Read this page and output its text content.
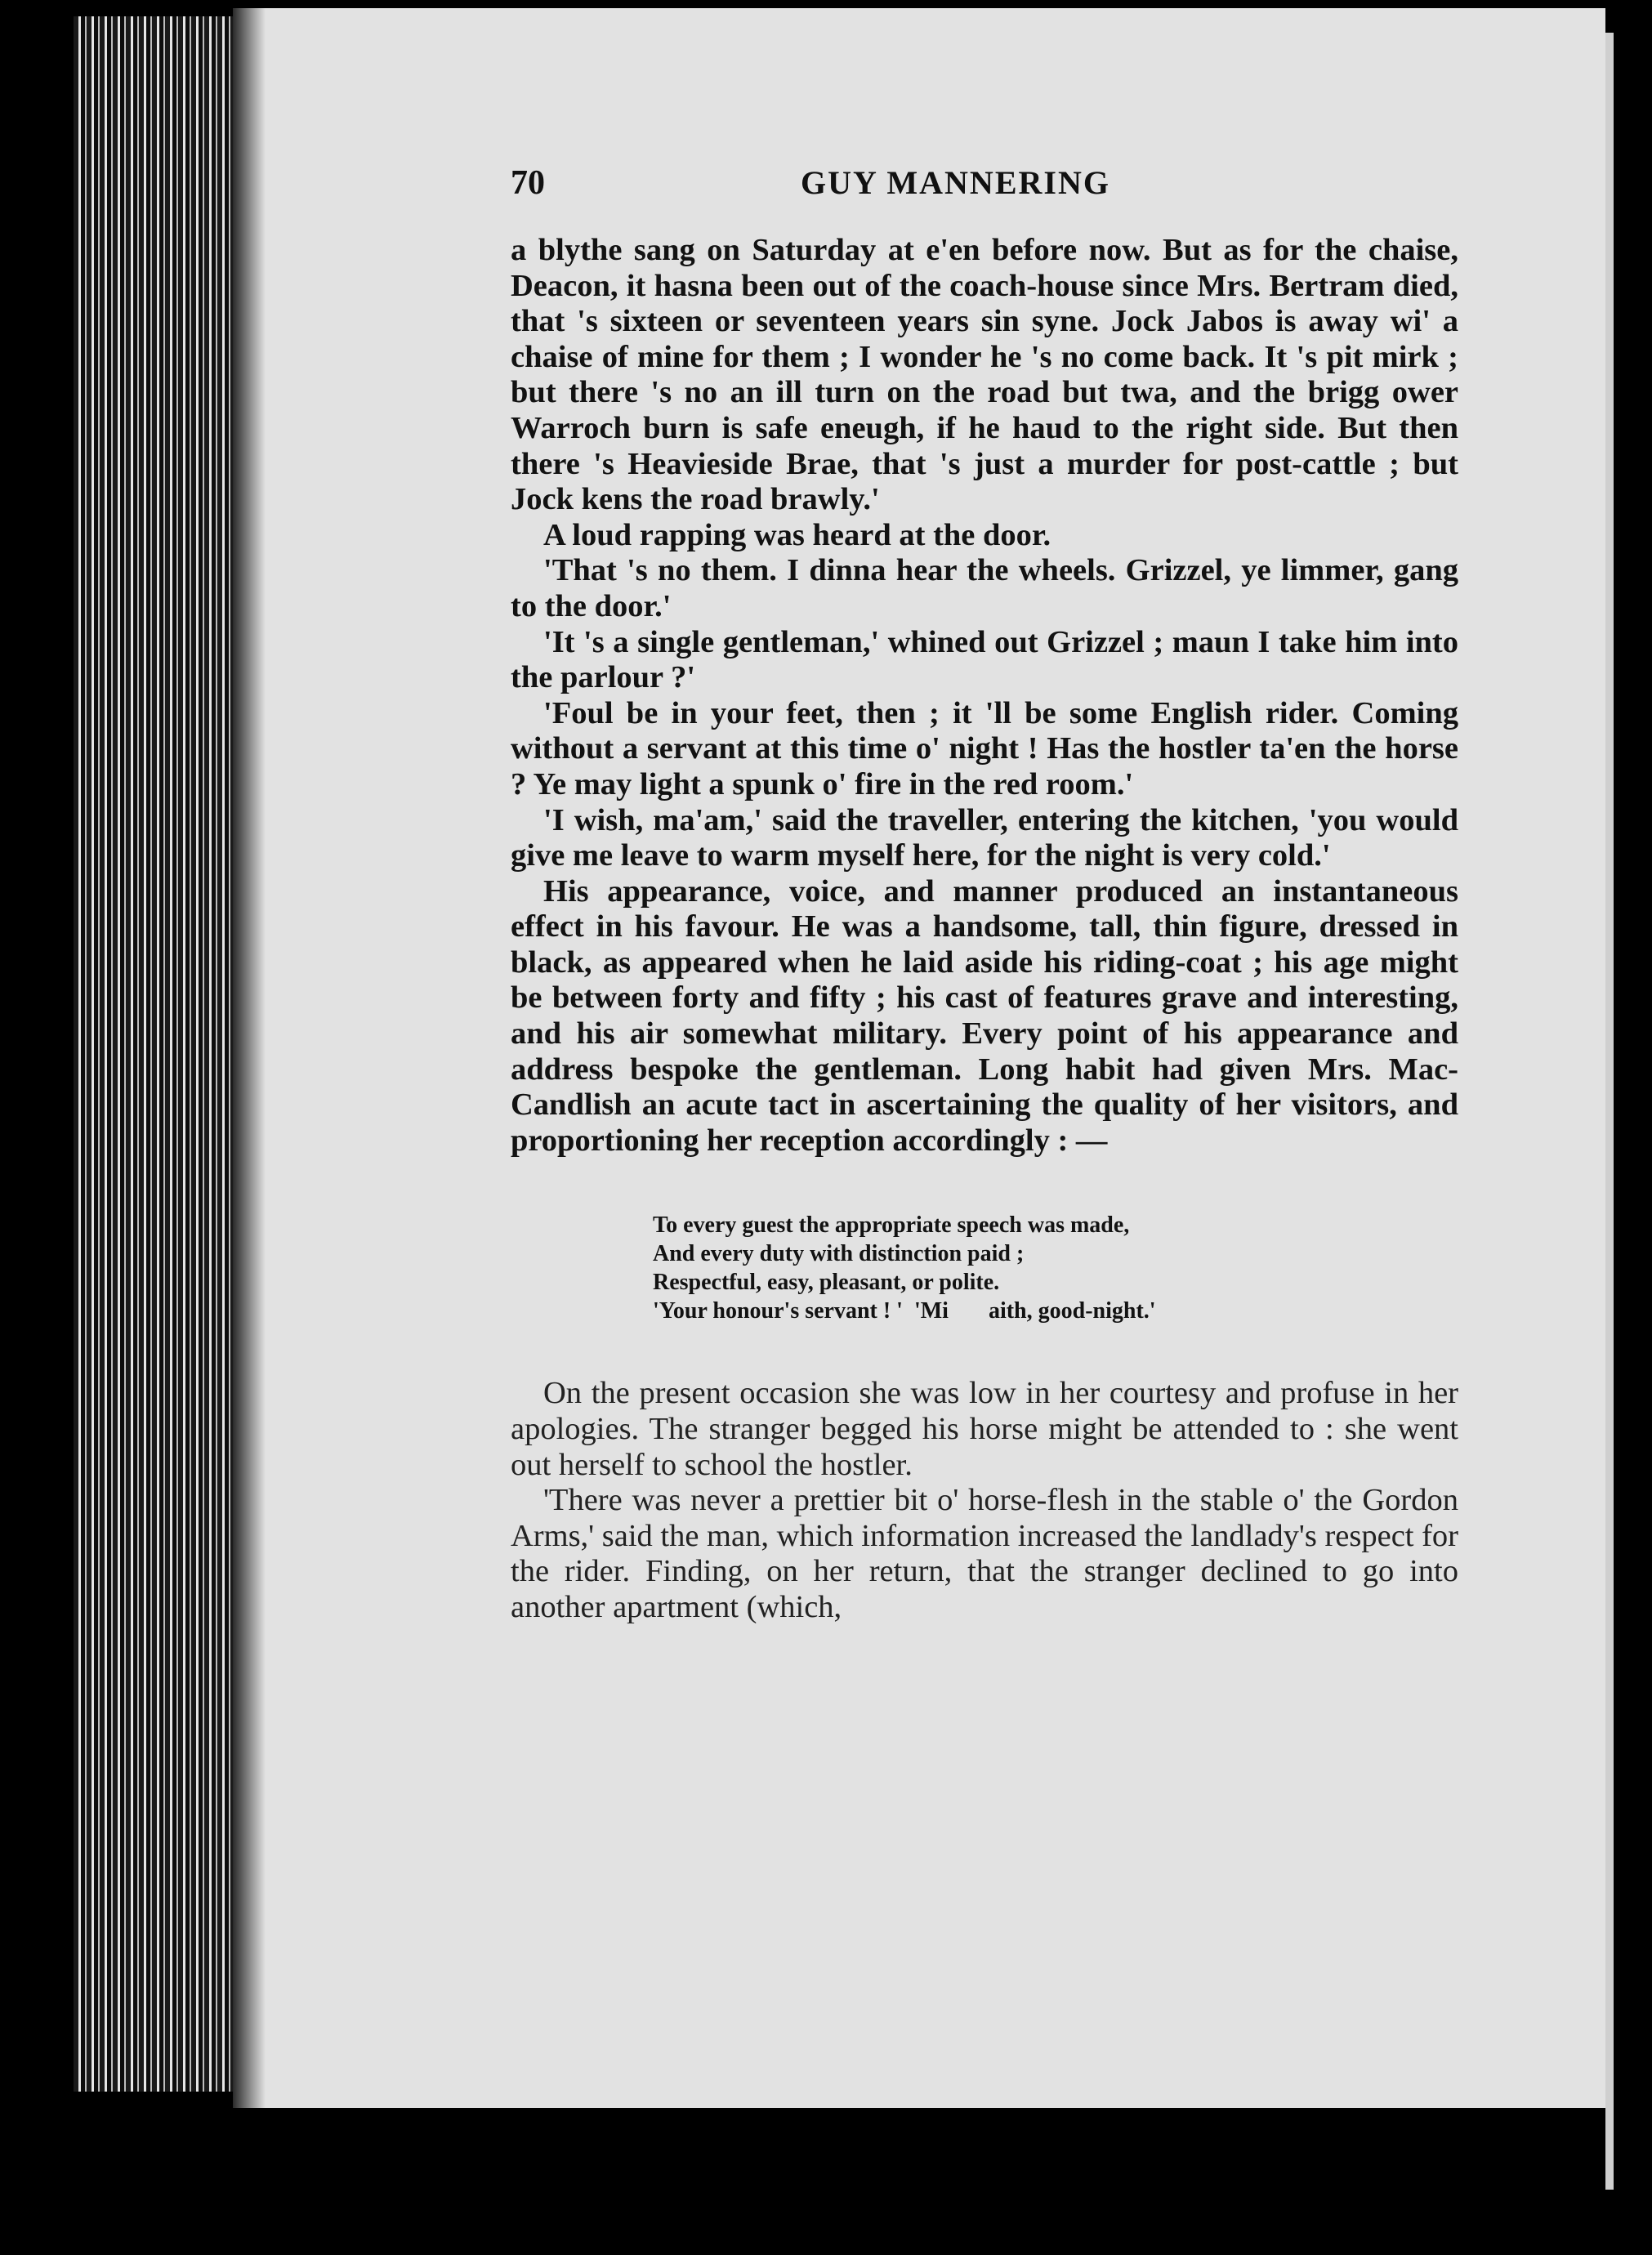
70	GUY MANNERING

a blythe sang on Saturday at e'en before now. But as for the chaise, Deacon, it hasna been out of the coach-house since Mrs. Bertram died, that 's sixteen or seventeen years sin syne. Jock Jabos is away wi' a chaise of mine for them ; I wonder he 's no come back. It 's pit mirk ; but there 's no an ill turn on the road but twa, and the brigg ower Warroch burn is safe eneugh, if he haud to the right side. But then there 's Heavieside Brae, that 's just a murder for post-cattle ; but Jock kens the road brawly.'

A loud rapping was heard at the door.

'That 's no them. I dinna hear the wheels. Grizzel, ye limmer, gang to the door.'

'It 's a single gentleman,' whined out Grizzel ; maun I take him into the parlour ?'

'Foul be in your feet, then ; it 'll be some English rider. Coming without a servant at this time o' night ! Has the hostler ta'en the horse ? Ye may light a spunk o' fire in the red room.'

'I wish, ma'am,' said the traveller, entering the kitchen, 'you would give me leave to warm myself here, for the night is very cold.'

His appearance, voice, and manner produced an instantaneous effect in his favour. He was a handsome, tall, thin figure, dressed in black, as appeared when he laid aside his riding-coat ; his age might be between forty and fifty ; his cast of features grave and interesting, and his air somewhat military. Every point of his appearance and address bespoke the gentleman. Long habit had given Mrs. Mac-Candlish an acute tact in ascertaining the quality of her visitors, and proportioning her reception accordingly : —

To every guest the appropriate speech was made,
And every duty with distinction paid ;
Respectful, easy, pleasant, or polite.
'Your honour's servant ! '  'Mi       aith, good-night.'

On the present occasion she was low in her courtesy and profuse in her apologies. The stranger begged his horse might be attended to : she went out herself to school the hostler.

'There was never a prettier bit o' horse-flesh in the stable o' the Gordon Arms,' said the man, which information increased the landlady's respect for the rider. Finding, on her return, that the stranger declined to go into another apartment (which,
